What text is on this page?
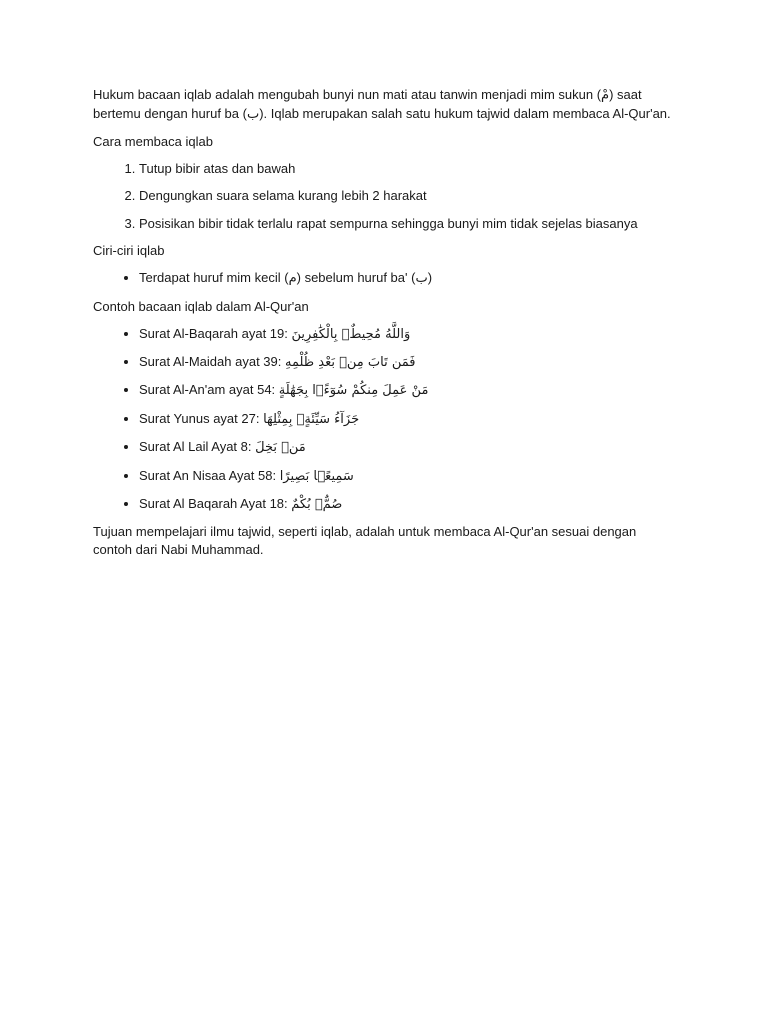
Hukum bacaan iqlab adalah mengubah bunyi nun mati atau tanwin menjadi mim sukun (مْ) saat bertemu dengan huruf ba (ب). Iqlab merupakan salah satu hukum tajwid dalam membaca Al-Qur'an.

Cara membaca iqlab

1. Tutup bibir atas dan bawah
2. Dengungkan suara selama kurang lebih 2 harakat
3. Posisikan bibir tidak terlalu rapat sempurna sehingga bunyi mim tidak sejelas biasanya

Ciri-ciri iqlab

• Terdapat huruf mim kecil (م) sebelum huruf ba' (ب)

Contoh bacaan iqlab dalam Al-Qur'an

• Surat Al-Baqarah ayat 19: وَاللَّهُ مُحِيطٌۢ بِالْكَٰفِرِينَ
• Surat Al-Maidah ayat 39: فَمَن تَابَ مِنۢ بَعْدِ ظُلْمِهِ
• Surat Al-An'am ayat 54: مَنْ عَمِلَ مِنكُمْ سُوٓءًۢا بِجَهَٰلَةٍ
• Surat Yunus ayat 27: جَزَآءُ سَيِّئَةٍۭ بِمِثْلِهَا
• Surat Al Lail Ayat 8: مَنۢ بَخِلَ
• Surat An Nisaa Ayat 58: سَمِيعًۢا بَصِيرًا
• Surat Al Baqarah Ayat 18: صُمٌّۢ بُكْمٌ

Tujuan mempelajari ilmu tajwid, seperti iqlab, adalah untuk membaca Al-Qur'an sesuai dengan contoh dari Nabi Muhammad.
